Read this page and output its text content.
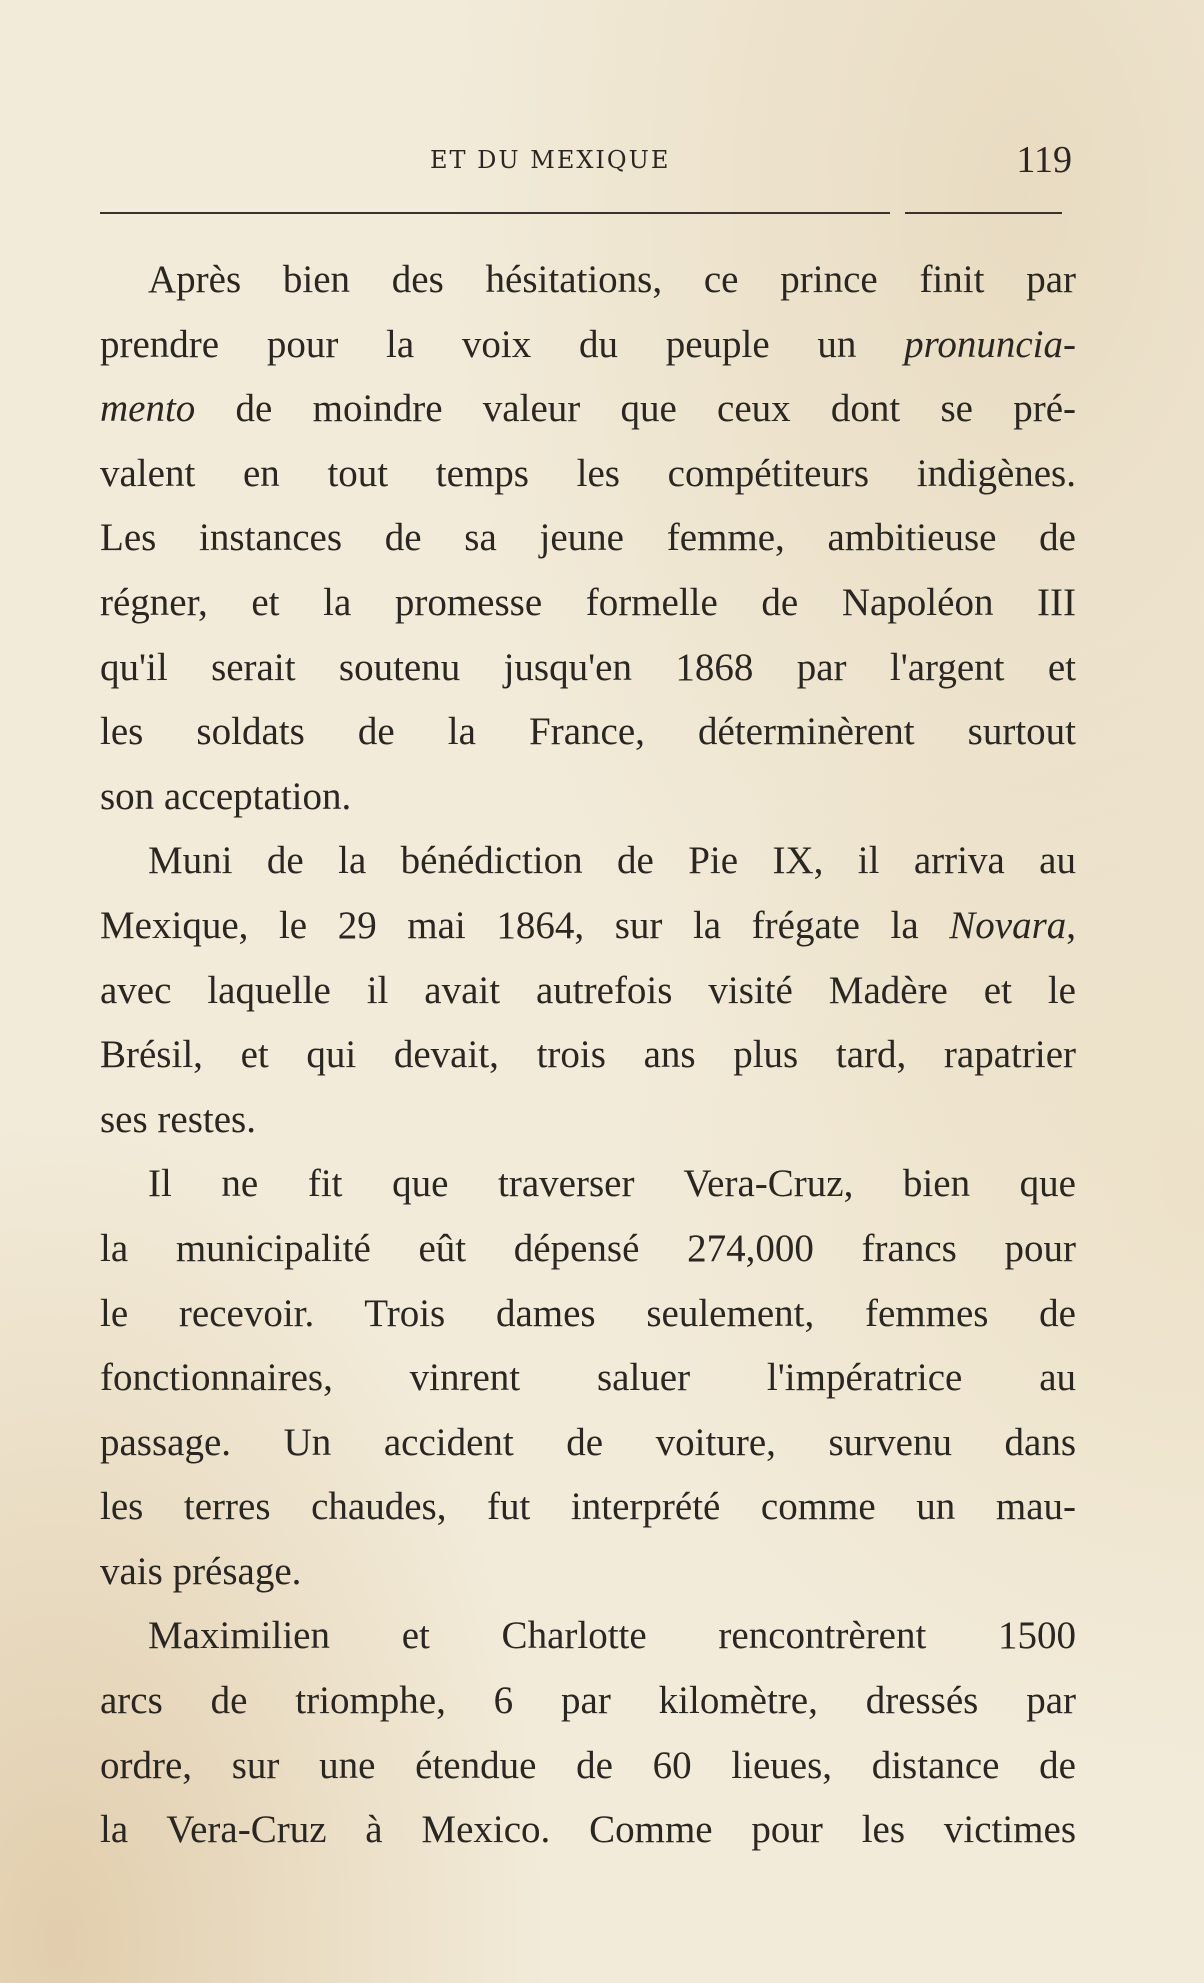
ET DU MEXIQUE	119
Après bien des hésitations, ce prince finit par
prendre pour la voix du peuple un pronuncia-
mento de moindre valeur que ceux dont se pré-
valent en tout temps les compétiteurs indigènes.
Les instances de sa jeune femme, ambitieuse de
régner, et la promesse formelle de Napoléon III
qu'il serait soutenu jusqu'en 1868 par l'argent et
les soldats de la France, déterminèrent surtout
son acceptation.
Muni de la bénédiction de Pie IX, il arriva au
Mexique, le 29 mai 1864, sur la frégate la Novara,
avec laquelle il avait autrefois visité Madère et le
Brésil, et qui devait, trois ans plus tard, rapatrier
ses restes.
Il ne fit que traverser Vera-Cruz, bien que
la municipalité eût dépensé 274,000 francs pour
le recevoir. Trois dames seulement, femmes de
fonctionnaires, vinrent saluer l'impératrice au
passage. Un accident de voiture, survenu dans
les terres chaudes, fut interprété comme un mau-
vais présage.
Maximilien et Charlotte rencontrèrent 1500
arcs de triomphe, 6 par kilomètre, dressés par
ordre, sur une étendue de 60 lieues, distance de
la Vera-Cruz à Mexico. Comme pour les victimes
